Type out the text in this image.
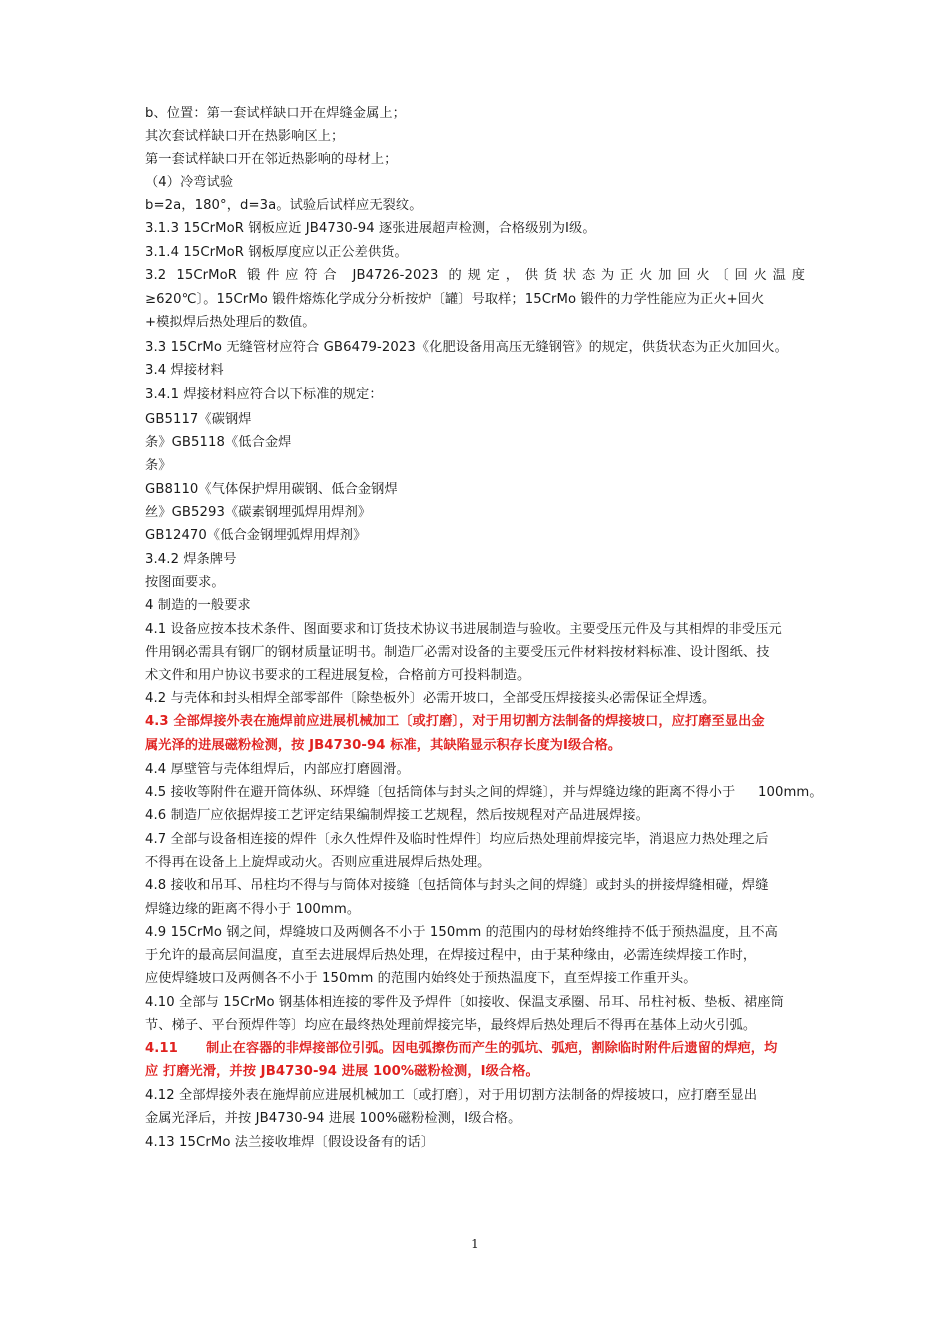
b、位置：第一套试样缺口开在焊缝金属上；
其次套试样缺口开在热影响区上；
第一套试样缺口开在邻近热影响的母材上；
（4）冷弯试验
b=2a，180°，d=3a。试验后试样应无裂纹。
3.1.3 15CrMoR 钢板应近 JB4730-94 逐张进展超声检测，合格级别为Ⅰ级。
3.1.4 15CrMoR 钢板厚度应以正公差供货。
3.2 15CrMoR 锻件应符合 JB4726-2023 的规定，供货状态为正火加回火〔回火温度
≥620℃〕。15CrMo 锻件熔炼化学成分分析按炉〔罐〕号取样；15CrMo 锻件的力学性能应为正火+回火
+模拟焊后热处理后的数值。
3.3 15CrMo 无缝管材应符合 GB6479-2023《化肥设备用高压无缝钢管》的规定，供货状态为正火加回火。
3.4 焊接材料
3.4.1 焊接材料应符合以下标准的规定：
GB5117《碳钢焊
条》GB5118《低合金焊
条》
GB8110《气体保护焊用碳钢、低合金钢焊
丝》GB5293《碳素钢埋弧焊用焊剂》
GB12470《低合金钢埋弧焊用焊剂》
3.4.2 焊条牌号
按图面要求。
4 制造的一般要求
4.1 设备应按本技术条件、图面要求和订货技术协议书进展制造与验收。主要受压元件及与其相焊的非受压元
件用钢必需具有钢厂的钢材质量证明书。制造厂必需对设备的主要受压元件材料按材料标准、设计图纸、技
术文件和用户协议书要求的工程进展复检，合格前方可投料制造。
4.2 与壳体和封头相焊全部零部件〔除垫板外〕必需开坡口，全部受压焊接接头必需保证全焊透。
4.3 全部焊接外表在施焊前应进展机械加工〔或打磨〕，对于用切割方法制备的焊接坡口，应打磨至显出金
属光泽的进展磁粉检测，按 JB4730-94 标准，其缺陷显示积存长度为Ⅰ级合格。
4.4 厚壁管与壳体组焊后，内部应打磨圆滑。
4.5 接收等附件在避开筒体纵、环焊缝〔包括筒体与封头之间的焊缝〕，并与焊缝边缘的距离不得小于 100mm。
4.6 制造厂应依据焊接工艺评定结果编制焊接工艺规程，然后按规程对产品进展焊接。
4.7 全部与设备相连接的焊件〔永久性焊件及临时性焊件〕均应后热处理前焊接完毕，消退应力热处理之后
不得再在设备上上旋焊或动火。否则应重进展焊后热处理。
4.8 接收和吊耳、吊柱均不得与与筒体对接缝〔包括筒体与封头之间的焊缝〕或封头的拼接焊缝相碰，焊缝
焊缝边缘的距离不得小于 100mm。
4.9 15CrMo 钢之间，焊缝坡口及两侧各不小于 150mm 的范围内的母材始终维持不低于预热温度，且不高
于允许的最高层间温度，直至去进展焊后热处理，在焊接过程中，由于某种缘由，必需连续焊接工作时，
应使焊缝坡口及两侧各不小于 150mm 的范围内始终处于预热温度下，直至焊接工作重开头。
4.10 全部与 15CrMo 钢基体相连接的零件及予焊件〔如接收、保温支承圈、吊耳、吊柱衬板、垫板、裙座筒
节、梯子、平台预焊件等〕均应在最终热处理前焊接完毕，最终焊后热处理后不得再在基体上动火引弧。
4.11 制止在容器的非焊接部位引弧。因电弧擦伤而产生的弧坑、弧疤，割除临时附件后遗留的焊疤，均
应 打磨光滑，并按 JB4730-94 进展 100%磁粉检测，Ⅰ级合格。
4.12 全部焊接外表在施焊前应进展机械加工〔或打磨〕，对于用切割方法制备的焊接坡口，应打磨至显出
金属光泽后，并按 JB4730-94 进展 100%磁粉检测，Ⅰ级合格。
4.13 15CrMo 法兰接收堆焊〔假设设备有的话〕
1
